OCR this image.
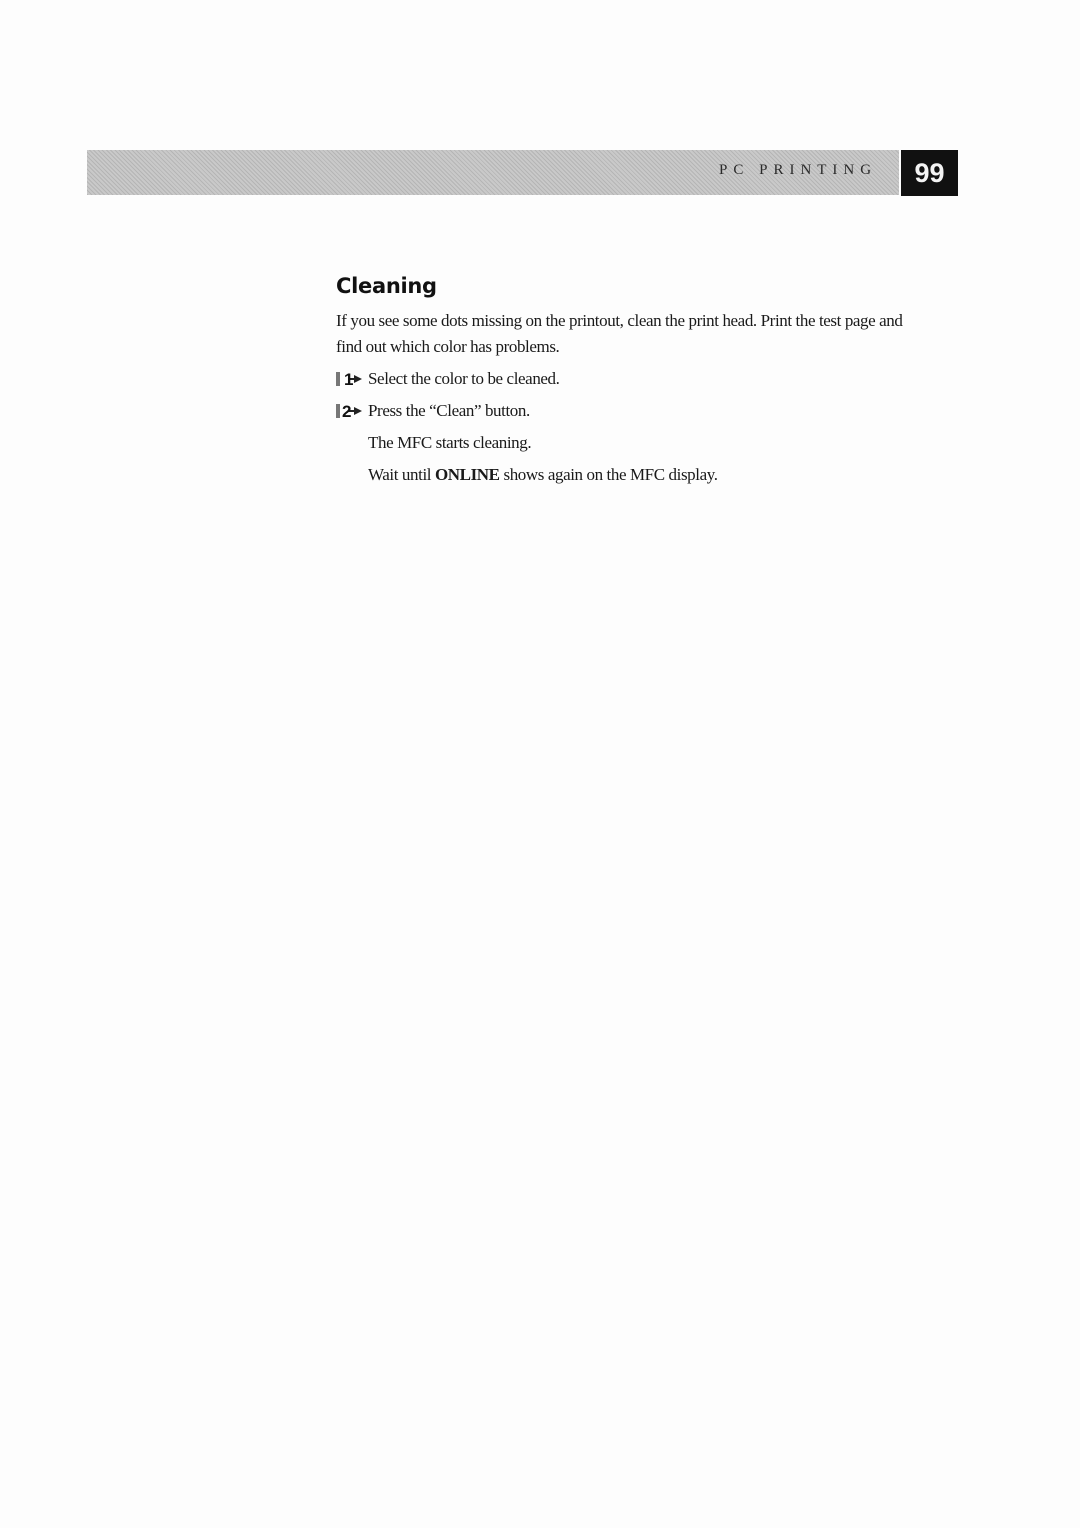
PC PRINTING 99
Cleaning

If you see some dots missing on the printout, clean the print head. Print the test page and find out which color has problems.

1 Select the color to be cleaned.
2 Press the “Clean” button.

The MFC starts cleaning.

Wait until ONLINE shows again on the MFC display.
